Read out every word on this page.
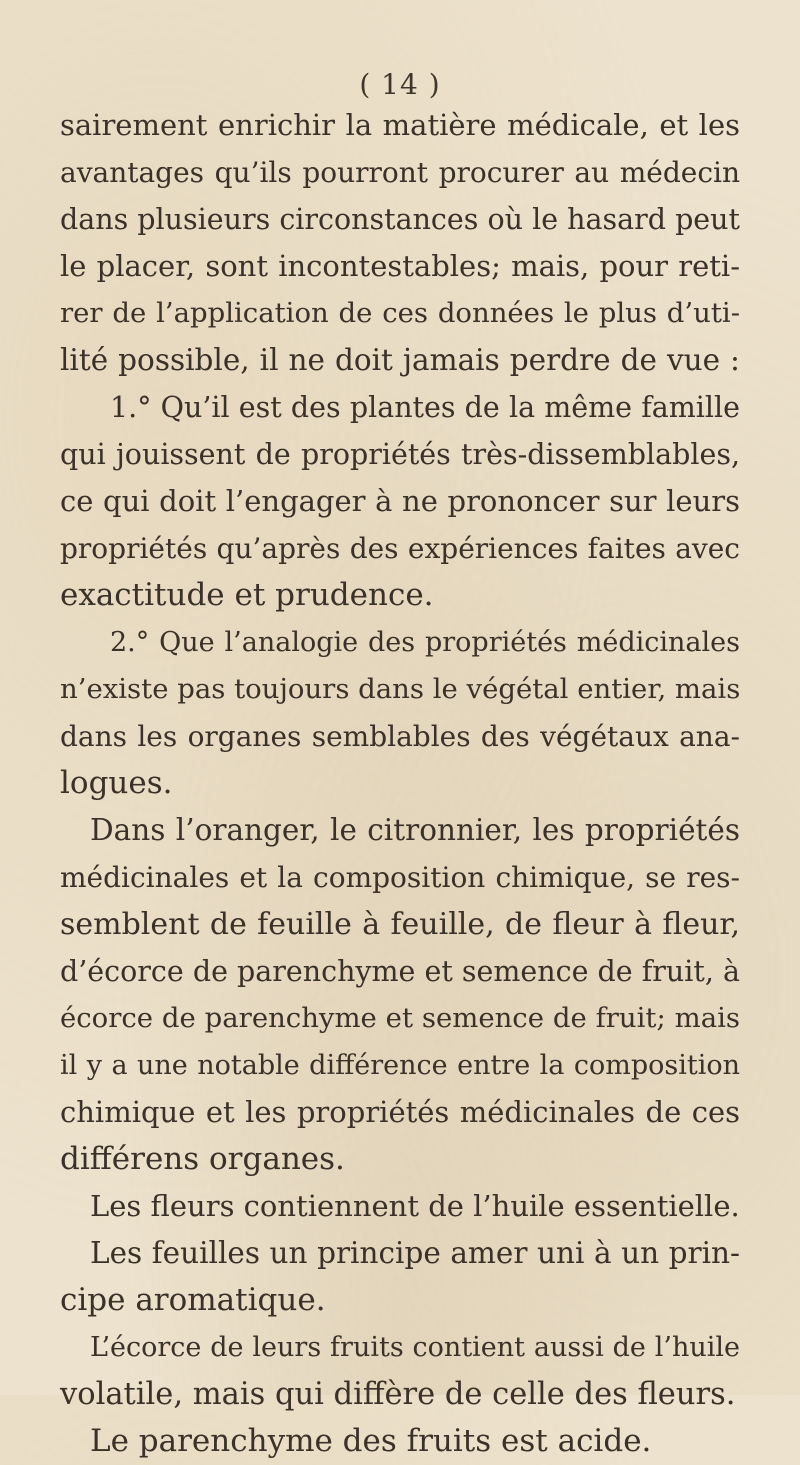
( 14 )
sairement enrichir la matière médicale, et les
avantages qu’ils pourront procurer au médecin
dans plusieurs circonstances où le hasard peut
le placer, sont incontestables; mais, pour reti-
rer de l’application de ces données le plus d’uti-
lité possible, il ne doit jamais perdre de vue :
1.° Qu’il est des plantes de la même famille
qui jouissent de propriétés très-dissemblables,
ce qui doit l’engager à ne prononcer sur leurs
propriétés qu’après des expériences faites avec
exactitude et prudence.
2.° Que l’analogie des propriétés médicinales
n’existe pas toujours dans le végétal entier, mais
dans les organes semblables des végétaux ana-
logues.
Dans l’oranger, le citronnier, les propriétés
médicinales et la composition chimique, se res-
semblent de feuille à feuille, de fleur à fleur,
d’écorce de parenchyme et semence de fruit, à
écorce de parenchyme et semence de fruit; mais
il y a une notable différence entre la composition
chimique et les propriétés médicinales de ces
différens organes.
Les fleurs contiennent de l’huile essentielle.
Les feuilles un principe amer uni à un prin-
cipe aromatique.
L’écorce de leurs fruits contient aussi de l’huile
volatile, mais qui diffère de celle des fleurs.
Le parenchyme des fruits est acide.
